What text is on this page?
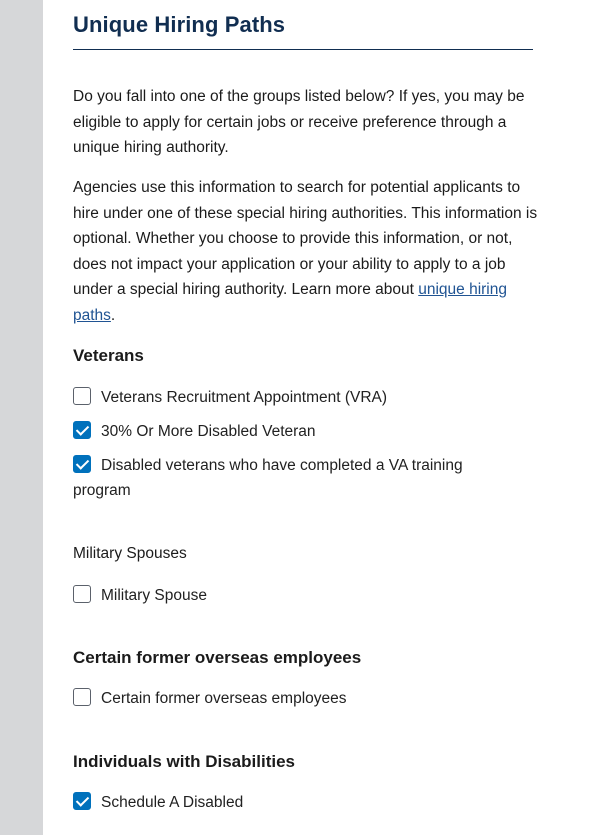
Unique Hiring Paths

Do you fall into one of the groups listed below? If yes, you may be eligible to apply for certain jobs or receive preference through a unique hiring authority.

Agencies use this information to search for potential applicants to hire under one of these special hiring authorities. This information is optional. Whether you choose to provide this information, or not, does not impact your application or your ability to apply to a job under a special hiring authority. Learn more about unique hiring paths.

Veterans
Veterans Recruitment Appointment (VRA)
30% Or More Disabled Veteran
Disabled veterans who have completed a VA training program
Military Spouses
Military Spouse
Certain former overseas employees
Certain former overseas employees
Individuals with Disabilities
Schedule A Disabled
